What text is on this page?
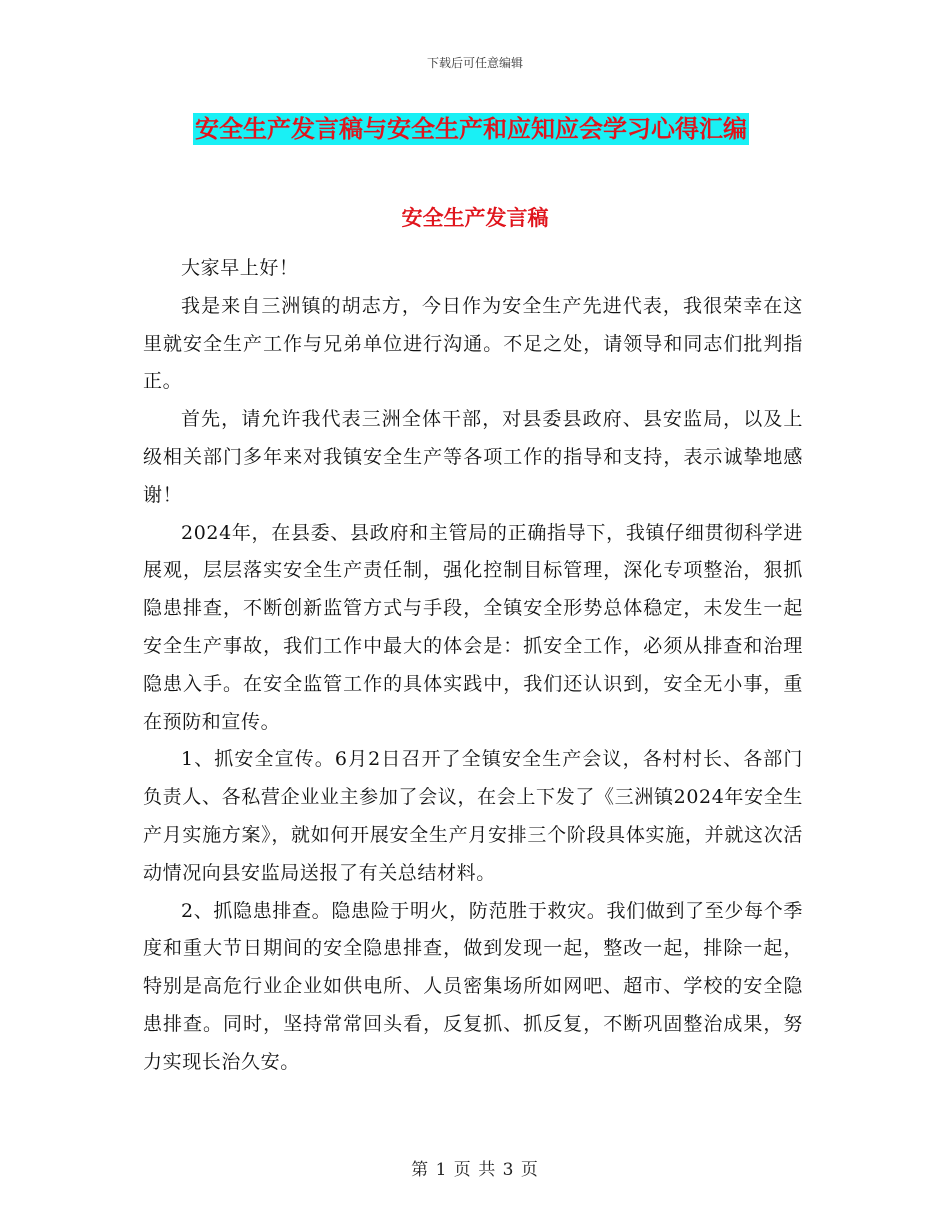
下载后可任意编辑
安全生产发言稿与安全生产和应知应会学习心得汇编
安全生产发言稿

大家早上好！

我是来自三洲镇的胡志方，今日作为安全生产先进代表，我很荣幸在这里就安全生产工作与兄弟单位进行沟通。不足之处，请领导和同志们批判指正。

首先，请允许我代表三洲全体干部，对县委县政府、县安监局，以及上级相关部门多年来对我镇安全生产等各项工作的指导和支持，表示诚挚地感谢！

2024年，在县委、县政府和主管局的正确指导下，我镇仔细贯彻科学进展观，层层落实安全生产责任制，强化控制目标管理，深化专项整治，狠抓隐患排查，不断创新监管方式与手段，全镇安全形势总体稳定，未发生一起安全生产事故，我们工作中最大的体会是：抓安全工作，必须从排查和治理隐患入手。在安全监管工作的具体实践中，我们还认识到，安全无小事，重在预防和宣传。

1、抓安全宣传。6月2日召开了全镇安全生产会议，各村村长、各部门负责人、各私营企业业主参加了会议，在会上下发了《三洲镇2024年安全生产月实施方案》，就如何开展安全生产月安排三个阶段具体实施，并就这次活动情况向县安监局送报了有关总结材料。

2、抓隐患排查。隐患险于明火，防范胜于救灾。我们做到了至少每个季度和重大节日期间的安全隐患排查，做到发现一起，整改一起，排除一起，特别是高危行业企业如供电所、人员密集场所如网吧、超市、学校的安全隐患排查。同时，坚持常常回头看，反复抓、抓反复，不断巩固整治成果，努力实现长治久安。

第 1 页 共 3 页
